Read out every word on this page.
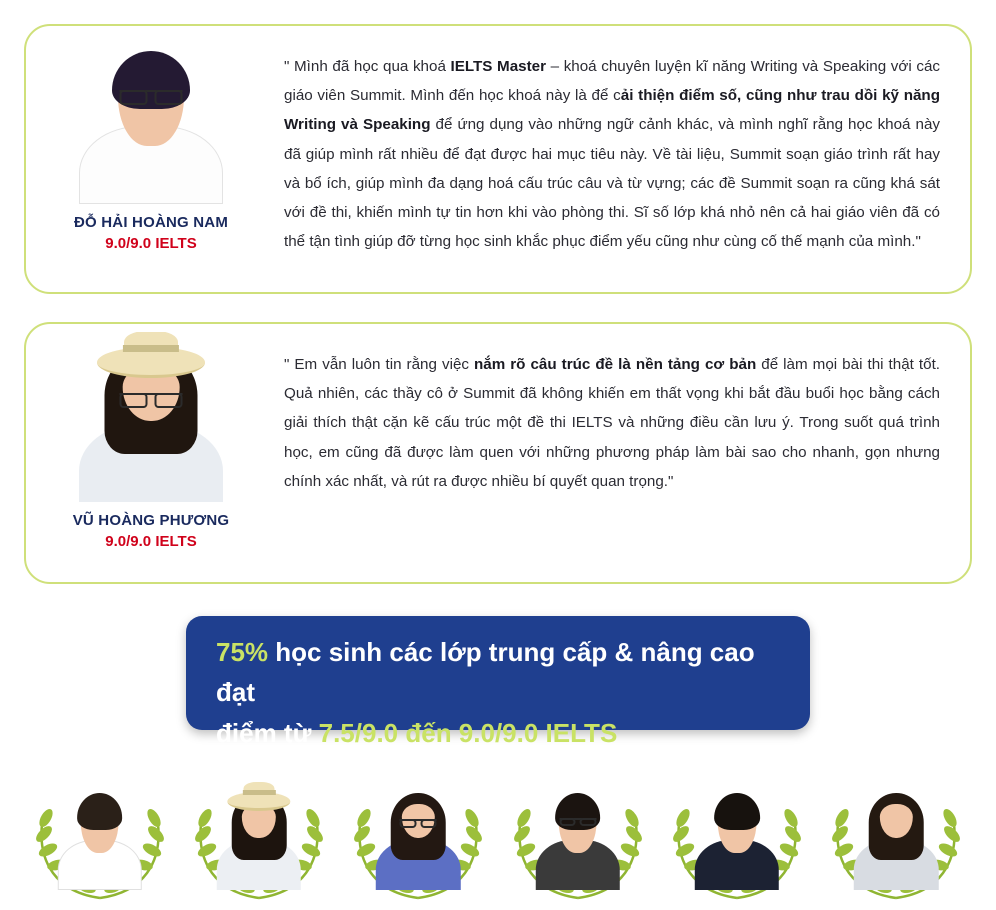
ĐỖ HẢI HOÀNG NAM
9.0/9.0 IELTS
" Mình đã học qua khoá IELTS Master – khoá chuyên luyện kĩ năng Writing và Speaking với các giáo viên Summit. Mình đến học khoá này là để cải thiện điểm số, cũng như trau dồi kỹ năng Writing và Speaking để ứng dụng vào những ngữ cảnh khác, và mình nghĩ rằng học khoá này đã giúp mình rất nhiều để đạt được hai mục tiêu này. Về tài liệu, Summit soạn giáo trình rất hay và bổ ích, giúp mình đa dạng hoá cấu trúc câu và từ vựng; các đề Summit soạn ra cũng khá sát với đề thi, khiến mình tự tin hơn khi vào phòng thi. Sĩ số lớp khá nhỏ nên cả hai giáo viên đã có thể tận tình giúp đỡ từng học sinh khắc phục điểm yếu cũng như cùng cố thế mạnh của mình."
VŨ HOÀNG PHƯƠNG
9.0/9.0 IELTS
" Em vẫn luôn tin rằng việc nắm rõ câu trúc đề là nền tảng cơ bản để làm mọi bài thi thật tốt. Quả nhiên, các thầy cô ở Summit đã không khiến em thất vọng khi bắt đầu buổi học bằng cách giải thích thật cặn kẽ cấu trúc một đề thi IELTS và những điều cần lưu ý. Trong suốt quá trình học, em cũng đã được làm quen với những phương pháp làm bài sao cho nhanh, gọn nhưng chính xác nhất, và rút ra được nhiều bí quyết quan trọng."
75% học sinh các lớp trung cấp & nâng cao đạt
điểm từ 7.5/9.0 đến 9.0/9.0 IELTS
